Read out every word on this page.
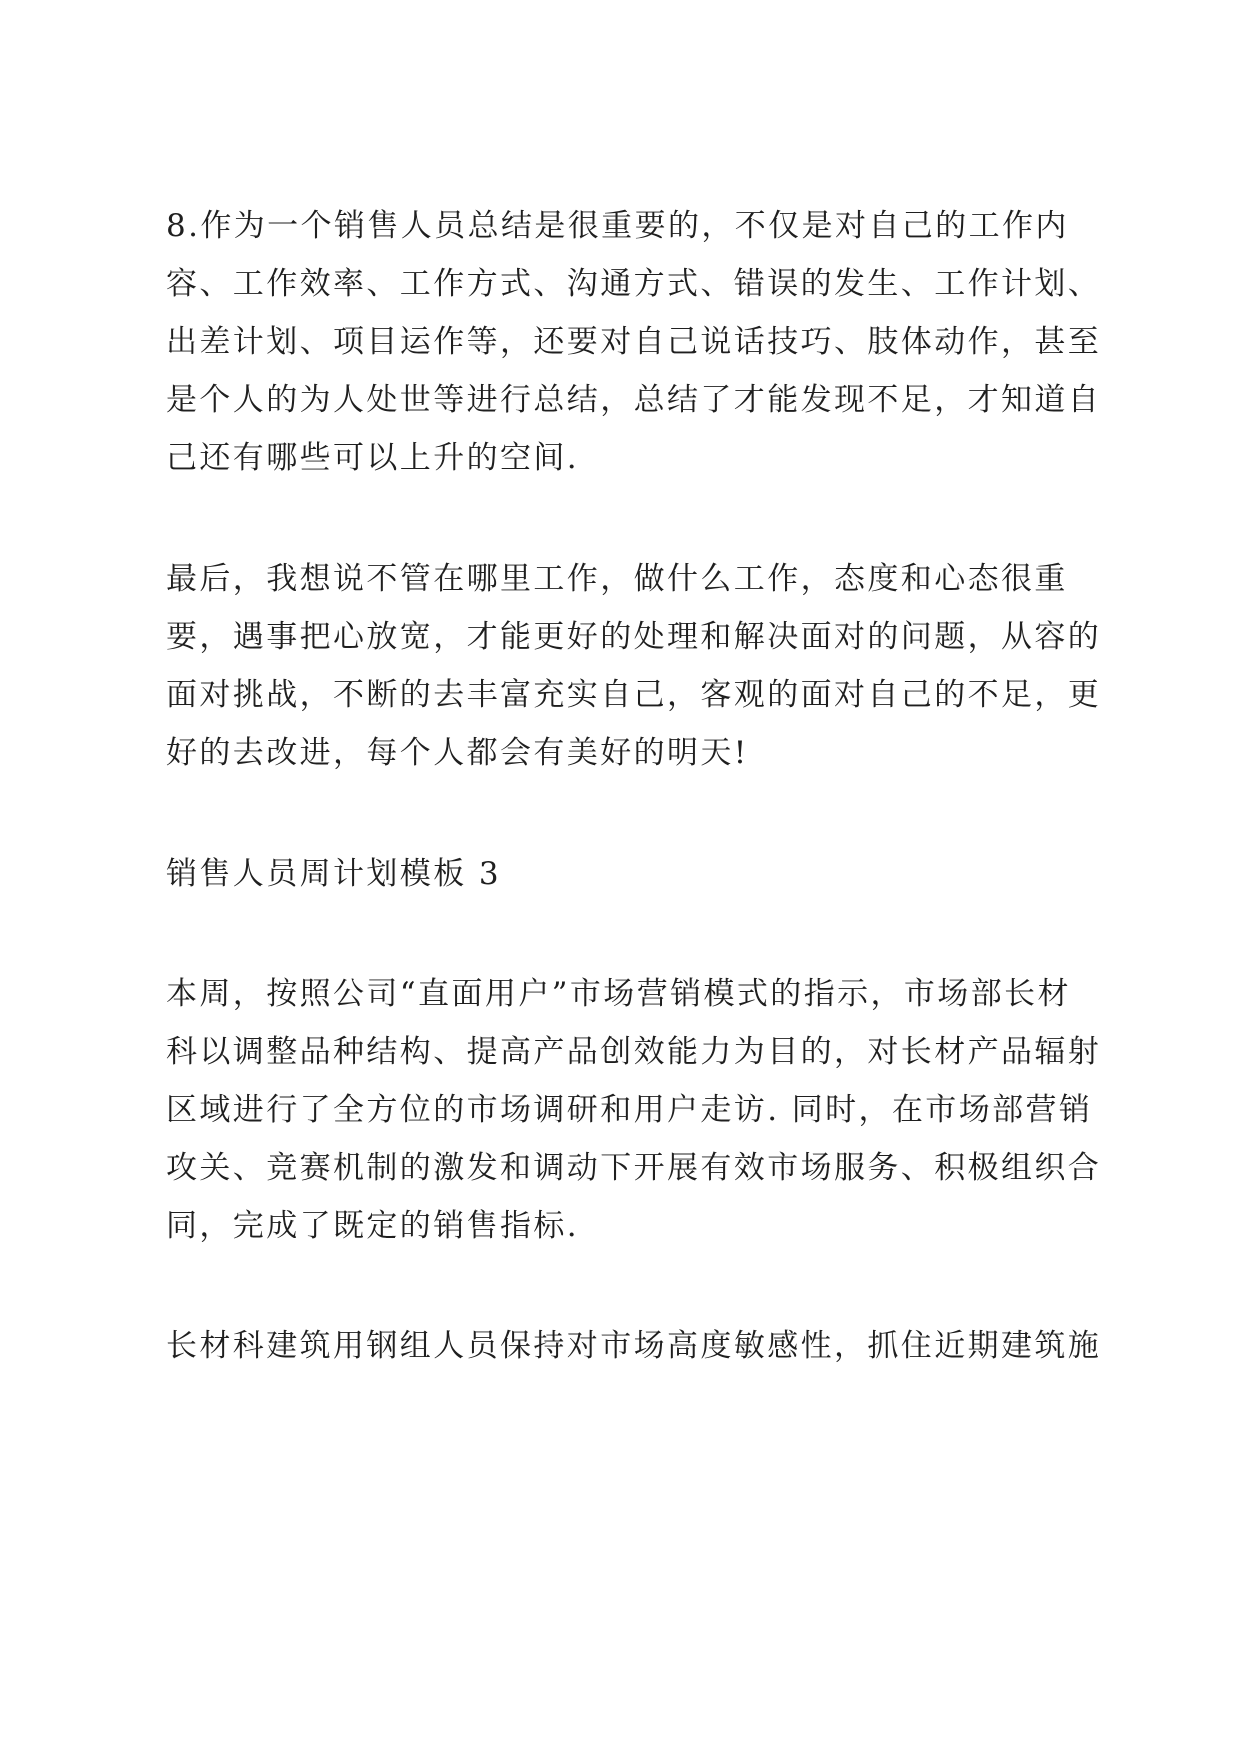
8.作为一个销售人员总结是很重要的，不仅是对自己的工作内
容、工作效率、工作方式、沟通方式、错误的发生、工作计划、
出差计划、项目运作等，还要对自己说话技巧、肢体动作，甚至
是个人的为人处世等进行总结，总结了才能发现不足，才知道自
己还有哪些可以上升的空间.
最后，我想说不管在哪里工作，做什么工作，态度和心态很重
要，遇事把心放宽，才能更好的处理和解决面对的问题，从容的
面对挑战，不断的去丰富充实自己，客观的面对自己的不足，更
好的去改进，每个人都会有美好的明天!
销售人员周计划模板 3
本周，按照公司“直面用户”市场营销模式的指示，市场部长材
科以调整品种结构、提高产品创效能力为目的，对长材产品辐射
区域进行了全方位的市场调研和用户走访. 同时，在市场部营销
攻关、竞赛机制的激发和调动下开展有效市场服务、积极组织合
同，完成了既定的销售指标.
长材科建筑用钢组人员保持对市场高度敏感性，抓住近期建筑施
